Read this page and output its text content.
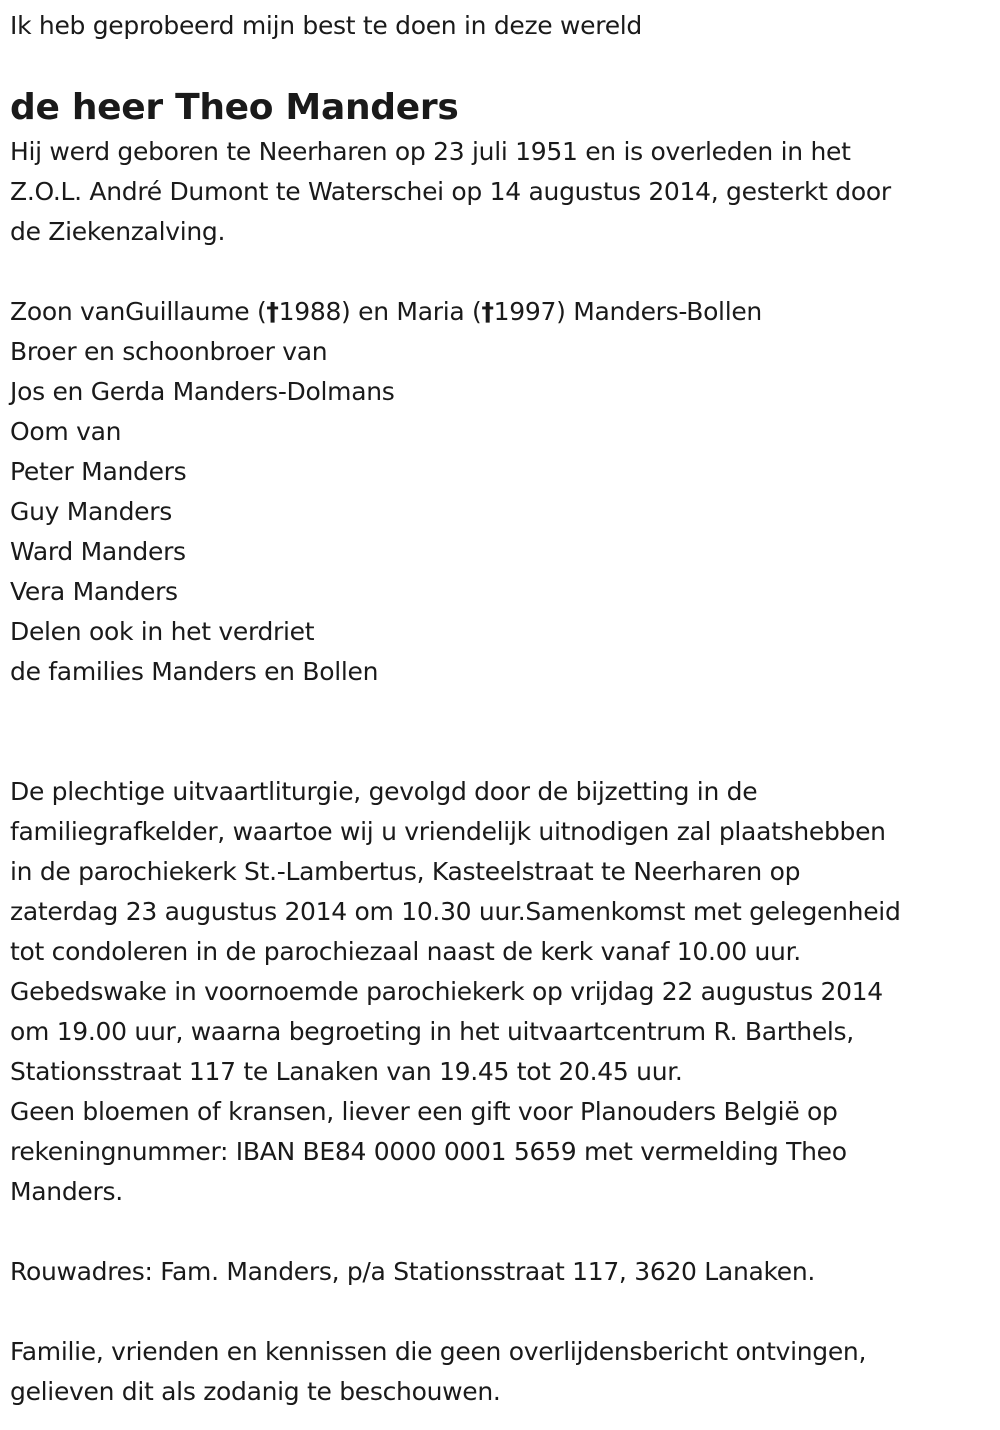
Ik heb geprobeerd mijn best te doen in deze wereld
de heer Theo Manders
Hij werd geboren te Neerharen op 23 juli 1951 en is overleden in het
Z.O.L. André Dumont te Waterschei op 14 augustus 2014, gesterkt door
de Ziekenzalving.
Zoon vanGuillaume (†1988) en Maria (†1997) Manders-Bollen
Broer en schoonbroer van
Jos en Gerda Manders-Dolmans
Oom van
Peter Manders
Guy Manders
Ward Manders
Vera Manders
Delen ook in het verdriet
de families Manders en Bollen
De plechtige uitvaartliturgie, gevolgd door de bijzetting in de
familiegrafkelder, waartoe wij u vriendelijk uitnodigen zal plaatshebben
in de parochiekerk St.-Lambertus, Kasteelstraat te Neerharen op
zaterdag 23 augustus 2014 om 10.30 uur.Samenkomst met gelegenheid
tot condoleren in de parochiezaal naast de kerk vanaf 10.00 uur.
Gebedswake in voornoemde parochiekerk op vrijdag 22 augustus 2014
om 19.00 uur, waarna begroeting in het uitvaartcentrum R. Barthels,
Stationsstraat 117 te Lanaken van 19.45 tot 20.45 uur.
Geen bloemen of kransen, liever een gift voor Planouders België op
rekeningnummer: IBAN BE84 0000 0001 5659 met vermelding Theo
Manders.
Rouwadres: Fam. Manders, p/a Stationsstraat 117, 3620 Lanaken.
Familie, vrienden en kennissen die geen overlijdensbericht ontvingen,
gelieven dit als zodanig te beschouwen.
